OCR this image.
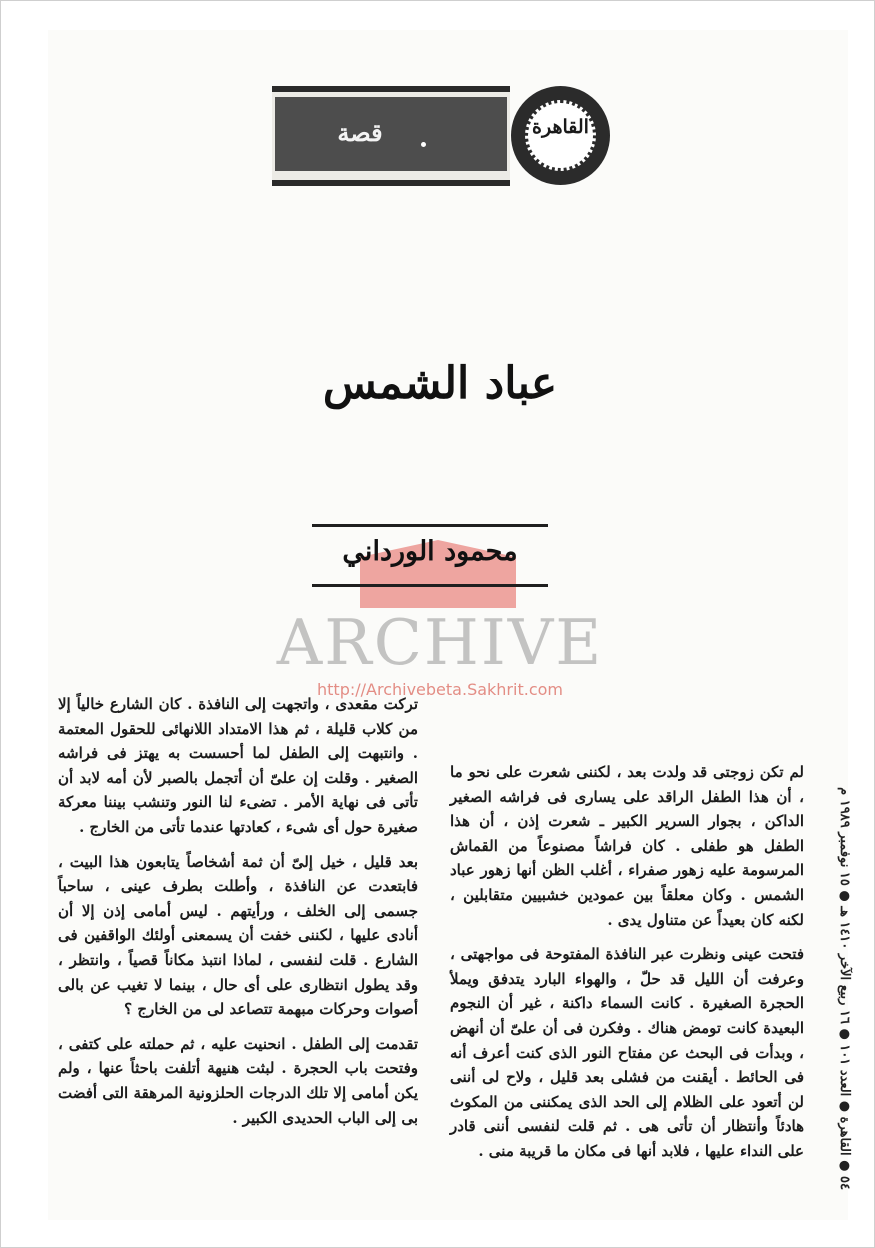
قصة	القاهرة
عباد الشمس
محمود الورداني
ARCHIVE
http://Archivebeta.Sakhrit.com

تركت مقعدى ، واتجهت إلى النافذة . كان الشارع خالياً إلا من كلاب قليلة ، ثم هذا الامتداد اللانهائى للحقول المعتمة . وانتبهت إلى الطفل لما أحسست به يهتز فى فراشه الصغير . وقلت إن علىّ أن أتجمل بالصبر لأن أمه لابد أن تأتى فى نهاية الأمر . تضىء لنا النور وتنشب بيننا معركة صغيرة حول أى شىء ، كعادتها عندما تأتى من الخارج .

بعد قليل ، خيل إلىّ أن ثمة أشخاصاً يتابعون هذا البيت ، فابتعدت عن النافذة ، وأطلت بطرف عينى ، ساحباً جسمى إلى الخلف ، ورأيتهم . ليس أمامى إذن إلا أن أنادى عليها ، لكننى خفت أن يسمعنى أولئك الواقفين فى الشارع . قلت لنفسى ، لماذا انتبذ مكاناً قصياً ، وانتظر ، وقد يطول انتظارى على أى حال ، بينما لا تغيب عن بالى أصوات وحركات مبهمة تتصاعد لى من الخارج ؟

تقدمت إلى الطفل . انحنيت عليه ، ثم حملته على كتفى ، وفتحت باب الحجرة . لبثت هنيهة أتلفت باحثاً عنها ، ولم يكن أمامى إلا تلك الدرجات الحلزونية المرهقة التى أفضت بى إلى الباب الحديدى الكبير .

لم تكن زوجتى قد ولدت بعد ، لكننى شعرت على نحو ما ، أن هذا الطفل الراقد على يسارى فى فراشه الصغير الداكن ، بجوار السرير الكبير ـ شعرت إذن ، أن هذا الطفل هو طفلى . كان فراشاً مصنوعاً من القماش المرسومة عليه زهور صفراء ، أغلب الظن أنها زهور عباد الشمس . وكان معلقاً بين عمودين خشبيين متقابلين ، لكنه كان بعيداً عن متناول يدى .

فتحت عينى ونظرت عبر النافذة المفتوحة فى مواجهتى ، وعرفت أن الليل قد حلّ ، والهواء البارد يتدفق ويملأ الحجرة الصغيرة . كانت السماء داكنة ، غير أن النجوم البعيدة كانت تومض هناك . وفكرن فى أن علىّ أن أنهض ، وبدأت فى البحث عن مفتاح النور الذى كنت أعرف أنه فى الحائط . أيقنت من فشلى بعد قليل ، ولاح لى أننى لن أتعود على الظلام إلى الحد الذى يمكننى من المكوث هادئاً وأنتظار أن تأتى هى . ثم قلت لنفسى أننى قادر على النداء عليها ، فلابد أنها فى مكان ما قريبة منى .

٥٤ ● القاهرة ● العدد ١٠١ ● ١٦ ربيع الآخر ١٤١٠ هـ ● ١٥ نوفمبر ١٩٨٩ م
